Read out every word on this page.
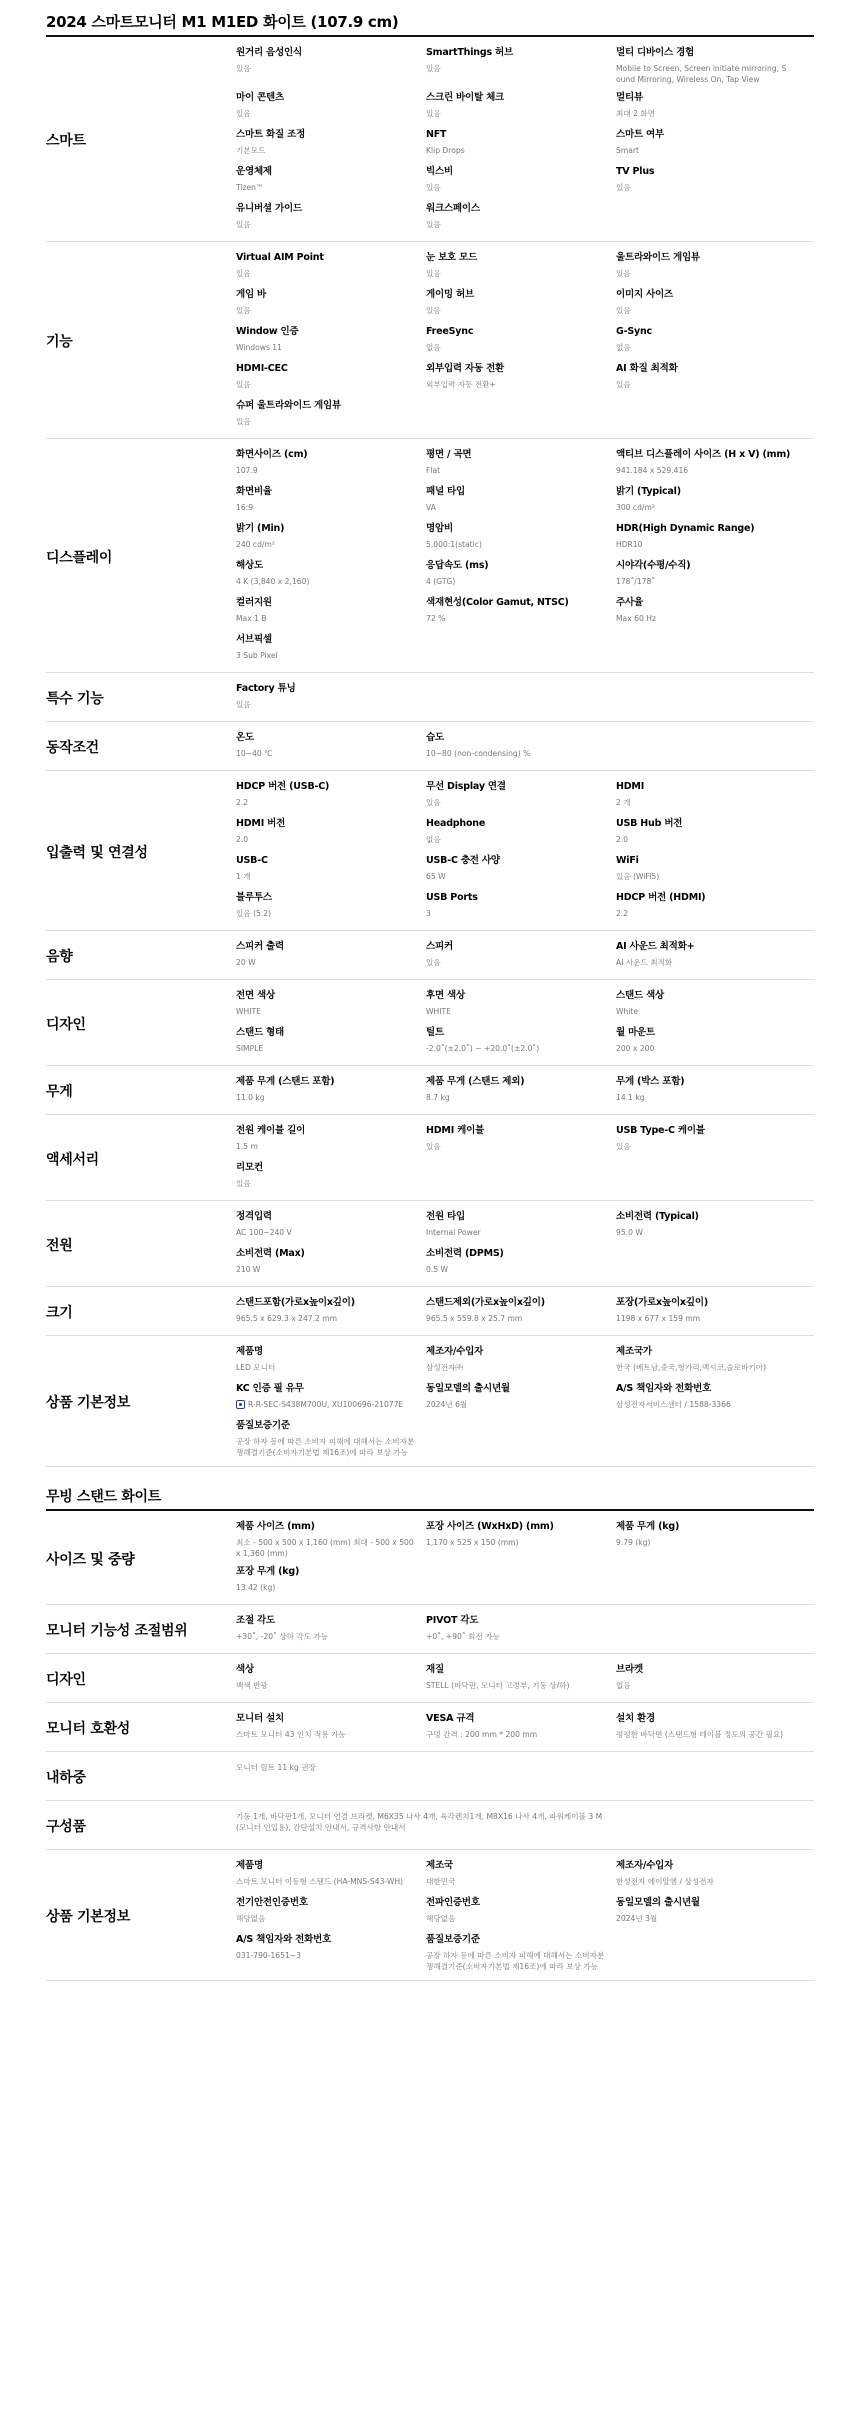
2024 스마트모니터 M1 M1ED 화이트 (107.9 cm)
스마트
원거리 음성인식
있음
SmartThings 허브
있음
멀티 디바이스 경험
Mobile to Screen, Screen initiate mirroring, Sound Mirroring, Wireless On, Tap View
마이 콘텐츠
있음
스크린 바이탈 체크
있음
멀티뷰
최대 2 화면
스마트 화질 조정
기본모드
NFT
Klip Drops
스마트 여부
Smart
운영체제
Tizen™
빅스비
있음
TV Plus
있음
유니버셜 가이드
있음
워크스페이스
있음
기능
Virtual AIM Point
있음
눈 보호 모드
있음
울트라와이드 게임뷰
있음
게임 바
있음
게이밍 허브
있음
이미지 사이즈
있음
Window 인증
Windows 11
FreeSync
없음
G-Sync
없음
HDMI-CEC
있음
외부입력 자동 전환
외부입력 자동 전환+
AI 화질 최적화
있음
슈퍼 울트라와이드 게임뷰
있음
디스플레이
화면사이즈 (cm)
107.9
평면 / 곡면
Flat
액티브 디스플레이 사이즈 (H x V) (mm)
941.184 x 529.416
화면비율
16:9
패널 타입
VA
밝기 (Typical)
300 cd/m²
밝기 (Min)
240 cd/m²
명암비
5,000:1(static)
HDR(High Dynamic Range)
HDR10
해상도
4 K (3,840 x 2,160)
응답속도 (ms)
4 (GTG)
시야각(수평/수직)
178˚/178˚
컬러지원
Max 1 B
색재현성(Color Gamut, NTSC)
72 %
주사율
Max 60 Hz
서브픽셀
3 Sub Pixel
특수 기능
Factory 튜닝
있음
동작조건
온도
10~40 ℃
습도
10~80 (non-condensing) %
입출력 및 연결성
HDCP 버전 (USB-C)
2.2
무선 Display 연결
있음
HDMI
2 개
HDMI 버전
2.0
Headphone
없음
USB Hub 버전
2.0
USB-C
1 개
USB-C 충전 사양
65 W
WiFi
있음 (WiFi5)
블루투스
있음 (5.2)
USB Ports
3
HDCP 버전 (HDMI)
2.2
음향
스피커 출력
20 W
스피커
있음
AI 사운드 최적화+
AI 사운드 최적화
디자인
전면 색상
WHITE
후면 색상
WHITE
스탠드 색상
White
스탠드 형태
SIMPLE
틸트
-2.0˚(±2.0˚) ~ +20.0˚(±2.0˚)
월 마운트
200 x 200
무게
제품 무게 (스탠드 포함)
11.0 kg
제품 무게 (스탠드 제외)
8.7 kg
무게 (박스 포함)
14.1 kg
액세서리
전원 케이블 길이
1.5 m
HDMI 케이블
있음
USB Type-C 케이블
있음
리모컨
있음
전원
정격입력
AC 100~240 V
전원 타입
Internal Power
소비전력 (Typical)
95.0 W
소비전력 (Max)
210 W
소비전력 (DPMS)
0.5 W
크기
스탠드포함(가로x높이x깊이)
965.5 x 629.3 x 247.2 mm
스탠드제외(가로x높이x깊이)
965.5 x 559.8 x 25.7 mm
포장(가로x높이x깊이)
1198 x 677 x 159 mm
상품 기본정보
제품명
LED 모니터
제조자/수입자
삼성전자㈜
제조국가
한국 (베트남,중국,헝가리,멕시코,슬로바키아)
KC 인증 필 유무
R-R-SEC-S438M700U, XU100696-21077E
동일모델의 출시년월
2024년 6월
A/S 책임자와 전화번호
삼성전자서비스센터 / 1588-3366
품질보증기준
공장 하자 등에 따른 소비자 피해에 대해서는 소비자분쟁해결기준(소비자기본법 제16조)에 따라 보상 가능
무빙 스탠드 화이트
사이즈 및 중량
제품 사이즈 (mm)
최소 - 500 x 500 x 1,160 (mm) 최대 - 500 x 500 x 1,360 (mm)
포장 사이즈 (WxHxD) (mm)
1,170 x 525 x 150 (mm)
제품 무게 (kg)
9.79 (kg)
포장 무게 (kg)
13.42 (kg)
모니터 기능성 조절범위
조절 각도
+30˚, -20˚ 상하 각도 가능
PIVOT 각도
+0˚, +90˚ 회전 가능
디자인
색상
백색 반광
재질
STELL (바닥판, 모니터 고정부, 기둥 상/하)
브라켓
없음
모니터 호환성
모니터 설치
스마트 모니터 43 인치 적용 가능
VESA 규격
구멍 간격 : 200 mm * 200 mm
설치 환경
평평한 바닥면 (스탠드형 테이블 정도의 공간 필요)
내하중
모니터 릴트 11 kg 권장
구성품
기둥 1개, 바닥판1개, 모니터 연결 브라켓, M6X35 나사 4개, 육각렌치1개, M8X16 나사 4개, 파워케이블 3 M (모니터 인입용), 간단설치 안내서, 규격사항 안내서
상품 기본정보
제품명
스마트 모니터 이동형 스탠드 (HA-MNS-S43-WH)
제조국
대한민국
제조자/수입자
한성전자 에이알엠 / 삼성전자
전기안전인증번호
해당없음
전파인증번호
해당없음
동일모델의 출시년월
2024년 3월
A/S 책임자와 전화번호
031-790-1651~3
품질보증기준
공장 하자 등에 따른 소비자 피해에 대해서는 소비자분쟁해결기준(소비자기본법 제16조)에 따라 보상 가능
